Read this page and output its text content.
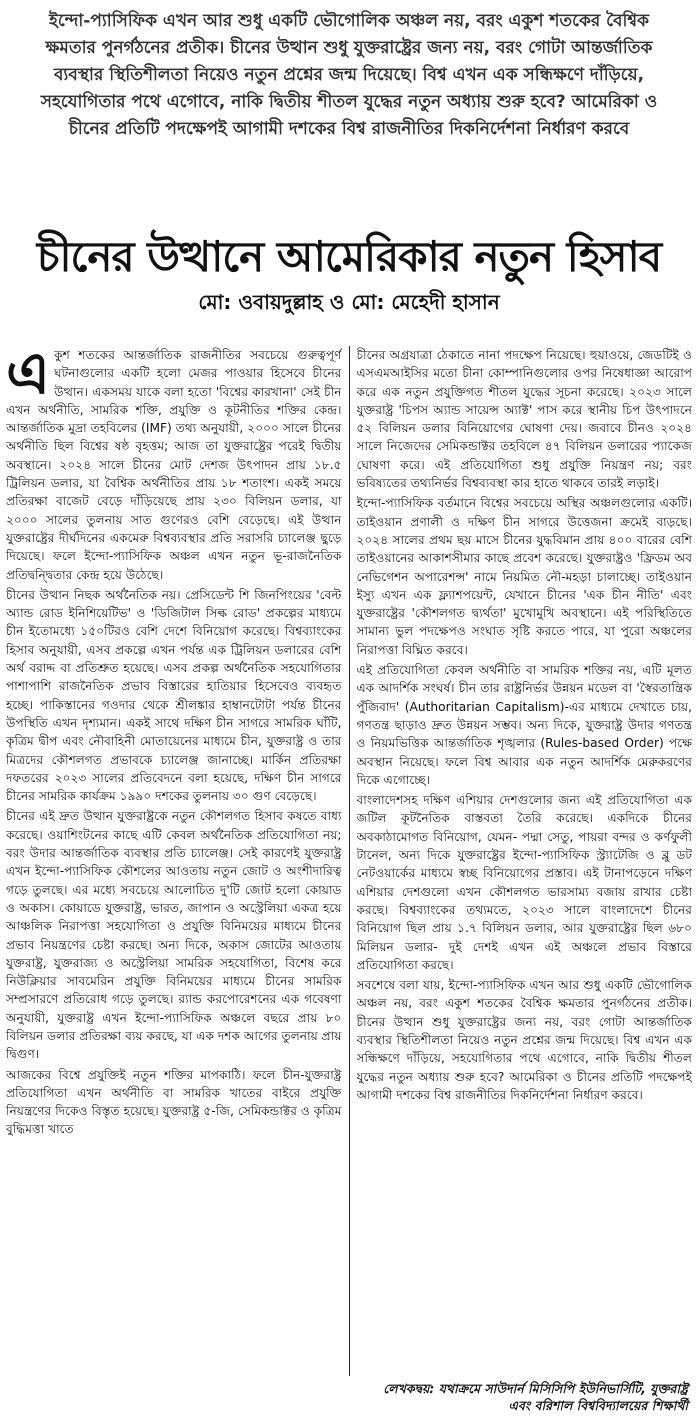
ইন্দো-প্যাসিফিক এখন আর শুধু একটি ভৌগোলিক অঞ্চল নয়, বরং একুশ শতকের বৈশ্বিক ক্ষমতার পুনর্গঠনের প্রতীক। চীনের উত্থান শুধু যুক্তরাষ্ট্রের জন্য নয়, বরং গোটা আন্তর্জাতিক ব্যবস্থার স্থিতিশীলতা নিয়েও নতুন প্রশ্নের জন্ম দিয়েছে। বিশ্ব এখন এক সন্ধিক্ষণে দাঁড়িয়ে, সহযোগিতার পথে এগোবে, নাকি দ্বিতীয় শীতল যুদ্ধের নতুন অধ্যায় শুরু হবে? আমেরিকা ও চীনের প্রতিটি পদক্ষেপই আগামী দশকের বিশ্ব রাজনীতির দিকনির্দেশনা নির্ধারণ করবে

চীনের উত্থানে আমেরিকার নতুন হিসাব
মো: ওবায়দুল্লাহ ও মো: মেহেদী হাসান

একুশ শতকের আন্তর্জাতিক রাজনীতির সবচেয়ে গুরুত্বপূর্ণ ঘটনাগুলোর একটি হলো মেজর পাওয়ার হিসেবে চীনের উত্থান। একসময় যাকে বলা হতো 'বিশ্বের কারখানা' সেই চীন এখন অর্থনীতি, সামরিক শক্তি, প্রযুক্তি ও কূটনীতির শক্তির কেন্দ্র। আন্তর্জাতিক মুদ্রা তহবিলের (IMF) তথ্য অনুযায়ী, ২০০০ সালে চীনের অর্থনীতি ছিল বিশ্বের ষষ্ঠ বৃহত্তম; আজ তা যুক্তরাষ্ট্রের পরেই দ্বিতীয় অবস্থানে। ২০২৪ সালে চীনের মোট দেশজ উৎপাদন প্রায় ১৮.৫ ট্রিলিয়ন ডলার, যা বৈশ্বিক অর্থনীতির প্রায় ১৮ শতাংশ। একই সময়ে প্রতিরক্ষা বাজেট বেড়ে দাঁড়িয়েছে প্রায় ২৩০ বিলিয়ন ডলার, যা ২০০০ সালের তুলনায় সাত গুণেরও বেশি বেড়েছে। এই উত্থান যুক্তরাষ্ট্রের দীর্ঘদিনের একমেরু বিশ্বব্যবস্থার প্রতি সরাসরি চ্যালেঞ্জ ছুড়ে দিয়েছে। ফলে ইন্দো-প্যাসিফিক অঞ্চল এখন নতুন ভূ-রাজনৈতিক প্রতিদ্বন্দ্বিতার কেন্দ্র হয়ে উঠেছে।

চীনের উত্থান নিছক অর্থনৈতিক নয়। প্রেসিডেন্ট শি জিনপিংয়ের 'বেল্ট অ্যান্ড রোড ইনিশিয়েটিভ' ও 'ডিজিটাল সিল্ক রোড' প্রকল্পের মাধ্যমে চীন ইতোমধ্যে ১৫০টিরও বেশি দেশে বিনিয়োগ করেছে। বিশ্বব্যাংকের হিসাব অনুযায়ী, এসব প্রকল্পে এখন পর্যন্ত এক ট্রিলিয়ন ডলারের বেশি অর্থ বরাদ্দ বা প্রতিশ্রুত হয়েছে। এসব প্রকল্প অর্থনৈতিক সহযোগিতার পাশাপাশি রাজনৈতিক প্রভাব বিস্তারের হাতিয়ার হিসেবেও ব্যবহৃত হচ্ছে। পাকিস্তানের গওদার থেকে শ্রীলঙ্কার হাম্বানটোটা পর্যন্ত চীনের উপস্থিতি এখন দৃশ্যমান। একই সাথে দক্ষিণ চীন সাগরে সামরিক ঘাঁটি, কৃত্রিম দ্বীপ এবং নৌবাহিনী মোতায়েনের মাধ্যমে চীন, যুক্তরাষ্ট্র ও তার মিত্রদের কৌশলগত প্রভাবকে চ্যালেঞ্জ জানাচ্ছে। মার্কিন প্রতিরক্ষা দফতরের ২০২৩ সালের প্রতিবেদনে বলা হয়েছে, দক্ষিণ চীন সাগরে চীনের সামরিক কার্যক্রম ১৯৯০ দশকের তুলনায় ৩০ গুণ বেড়েছে।

চীনের এই দ্রুত উত্থান যুক্তরাষ্ট্রকে নতুন কৌশলগত হিসাব কষতে বাধ্য করেছে। ওয়াশিংটনের কাছে এটি কেবল অর্থনৈতিক প্রতিযোগিতা নয়; বরং উদার আন্তর্জাতিক ব্যবস্থার প্রতি চ্যালেঞ্জ। সেই কারণেই যুক্তরাষ্ট্র এখন ইন্দো-প্যাসিফিক কৌশলের আওতায় নতুন জোট ও অংশীদারিত্ব গড়ে তুলছে। এর মধ্যে সবচেয়ে আলোচিত দু'টি জোট হলো কোয়াড ও অকাস। কোয়াডে যুক্তরাষ্ট্র, ভারত, জাপান ও অস্ট্রেলিয়া একত্র হয়ে আঞ্চলিক নিরাপত্তা সহযোগিতা ও প্রযুক্তি বিনিময়ের মাধ্যমে চীনের প্রভাব নিয়ন্ত্রণের চেষ্টা করছে। অন্য দিকে, অকাস জোটের আওতায় যুক্তরাষ্ট্র, যুক্তরাজ্য ও অস্ট্রেলিয়া সামরিক সহযোগিতা, বিশেষ করে নিউক্লিয়ার সাবমেরিন প্রযুক্তি বিনিময়ের মাধ্যমে চীনের সামরিক সম্প্রসারণে প্রতিরোধ গড়ে তুলছে। র‍্যান্ড করপোরেশনের এক গবেষণা অনুযায়ী, যুক্তরাষ্ট্র এখন ইন্দো-প্যাসিফিক অঞ্চলে বছরে প্রায় ৮০ বিলিয়ন ডলার প্রতিরক্ষা ব্যয় করছে, যা এক দশক আগের তুলনায় প্রায় দ্বিগুণ।

আজকের বিশ্বে প্রযুক্তিই নতুন শক্তির মাপকাঠি। ফলে চীন-যুক্তরাষ্ট্র প্রতিযোগিতা এখন অর্থনীতি বা সামরিক খাতের বাইরে প্রযুক্তি নিয়ন্ত্রণের দিকেও বিস্তৃত হয়েছে। যুক্তরাষ্ট্র ৫-জি, সেমিকন্ডাক্টর ও কৃত্রিম বুদ্ধিমত্তা খাতে

চীনের অগ্রযাত্রা ঠেকাতে নানা পদক্ষেপ নিয়েছে। হুয়াওয়ে, জেডটিই ও এসএমআইসির মতো চীনা কোম্পানিগুলোর ওপর নিষেধাজ্ঞা আরোপ করে এক নতুন প্রযুক্তিগত শীতল যুদ্ধের সূচনা করেছে। ২০২৩ সালে যুক্তরাষ্ট্র 'চিপস অ্যান্ড সায়েন্স অ্যাক্ট' পাস করে স্থানীয় চিপ উৎপাদনে ৫২ বিলিয়ন ডলার বিনিয়োগের ঘোষণা দেয়। জবাবে চীনও ২০২৪ সালে নিজেদের সেমিকন্ডাক্টর তহবিলে ৪৭ বিলিয়ন ডলারের প্যাকেজ ঘোষণা করে। এই প্রতিযোগিতা শুধু প্রযুক্তি নিয়ন্ত্রণ নয়; বরং ভবিষ্যতের তথ্যনির্ভর বিশ্বব্যবস্থা কার হাতে থাকবে তারই লড়াই।

ইন্দো-প্যাসিফিক বর্তমানে বিশ্বের সবচেয়ে অস্থির অঞ্চলগুলোর একটি। তাইওয়ান প্রণালী ও দক্ষিণ চীন সাগরে উত্তেজনা ক্রমেই বাড়ছে। ২০২৪ সালের প্রথম ছয় মাসে চীনের যুদ্ধবিমান প্রায় ৪০০ বারের বেশি তাইওয়ানের আকাশসীমার কাছে প্রবেশ করেছে। যুক্তরাষ্ট্রও 'ফ্রিডম অব নেভিগেশন অপারেশন্স' নামে নিয়মিত নৌ-মহড়া চালাচ্ছে। তাইওয়ান ইস্যু এখন এক ফ্ল্যাশপয়েন্ট, যেখানে চীনের 'এক চীন নীতি' এবং যুক্তরাষ্ট্রের 'কৌশলগত দ্ব্যর্থতা' মুখোমুখি অবস্থানে। এই পরিস্থিতিতে সামান্য ভুল পদক্ষেপও সংঘাত সৃষ্টি করতে পারে, যা পুরো অঞ্চলের নিরাপত্তা বিঘ্নিত করবে।

এই প্রতিযোগিতা কেবল অর্থনীতি বা সামরিক শক্তির নয়, এটি মূলত এক আদর্শিক সংঘর্ষ। চীন তার রাষ্ট্রনির্ভর উন্নয়ন মডেল বা 'স্বৈরতান্ত্রিক পুঁজিবাদ' (Authoritarian Capitalism)-এর মাধ্যমে দেখাতে চায়, গণতন্ত্র ছাড়াও দ্রুত উন্নয়ন সম্ভব। অন্য দিকে, যুক্তরাষ্ট্র উদার গণতন্ত্র ও নিয়মভিত্তিক আন্তর্জাতিক শৃঙ্খলার (Rules-based Order) পক্ষে অবস্থান নিয়েছে। ফলে বিশ্ব আবার এক নতুন আদর্শিক মেরুকরণের দিকে এগোচ্ছে।

বাংলাদেশসহ দক্ষিণ এশিয়ার দেশগুলোর জন্য এই প্রতিযোগিতা এক জটিল কূটনৈতিক বাস্তবতা তৈরি করেছে। একদিকে চীনের অবকাঠামোগত বিনিয়োগ, যেমন- পদ্মা সেতু, পায়রা বন্দর ও কর্ণফুলী টানেল, অন্য দিকে যুক্তরাষ্ট্রের ইন্দো-প্যাসিফিক স্ট্র্যাটেজি ও ব্লু ডট নেটওয়ার্কের মাধ্যমে স্বচ্ছ বিনিয়োগের প্রস্তাব। এই টানাপড়েনে দক্ষিণ এশিয়ার দেশগুলো এখন কৌশলগত ভারসাম্য বজায় রাখার চেষ্টা করছে। বিশ্বব্যাংকের তথ্যমতে, ২০২৩ সালে বাংলাদেশে চীনের বিনিয়োগ ছিল প্রায় ১.৭ বিলিয়ন ডলার, আর যুক্তরাষ্ট্রের ছিল ৬৮০ মিলিয়ন ডলার- দুই দেশই এখন এই অঞ্চলে প্রভাব বিস্তারে প্রতিযোগিতা করছে।

সবশেষে বলা যায়, ইন্দো-প্যাসিফিক এখন আর শুধু একটি ভৌগোলিক অঞ্চল নয়, বরং একুশ শতকের বৈশ্বিক ক্ষমতার পুনর্গঠনের প্রতীক। চীনের উত্থান শুধু যুক্তরাষ্ট্রের জন্য নয়, বরং গোটা আন্তর্জাতিক ব্যবস্থার স্থিতিশীলতা নিয়েও নতুন প্রশ্নের জন্ম দিয়েছে। বিশ্ব এখন এক সন্ধিক্ষণে দাঁড়িয়ে, সহযোগিতার পথে এগোবে, নাকি দ্বিতীয় শীতল যুদ্ধের নতুন অধ্যায় শুরু হবে? আমেরিকা ও চীনের প্রতিটি পদক্ষেপই আগামী দশকের বিশ্ব রাজনীতির দিকনির্দেশনা নির্ধারণ করবে।

লেখকদ্বয়: যথাক্রমে সাউদার্ন মিসিসিপি ইউনিভার্সিটি, যুক্তরাষ্ট্র এবং বরিশাল বিশ্ববিদ্যালয়ের শিক্ষার্থী
